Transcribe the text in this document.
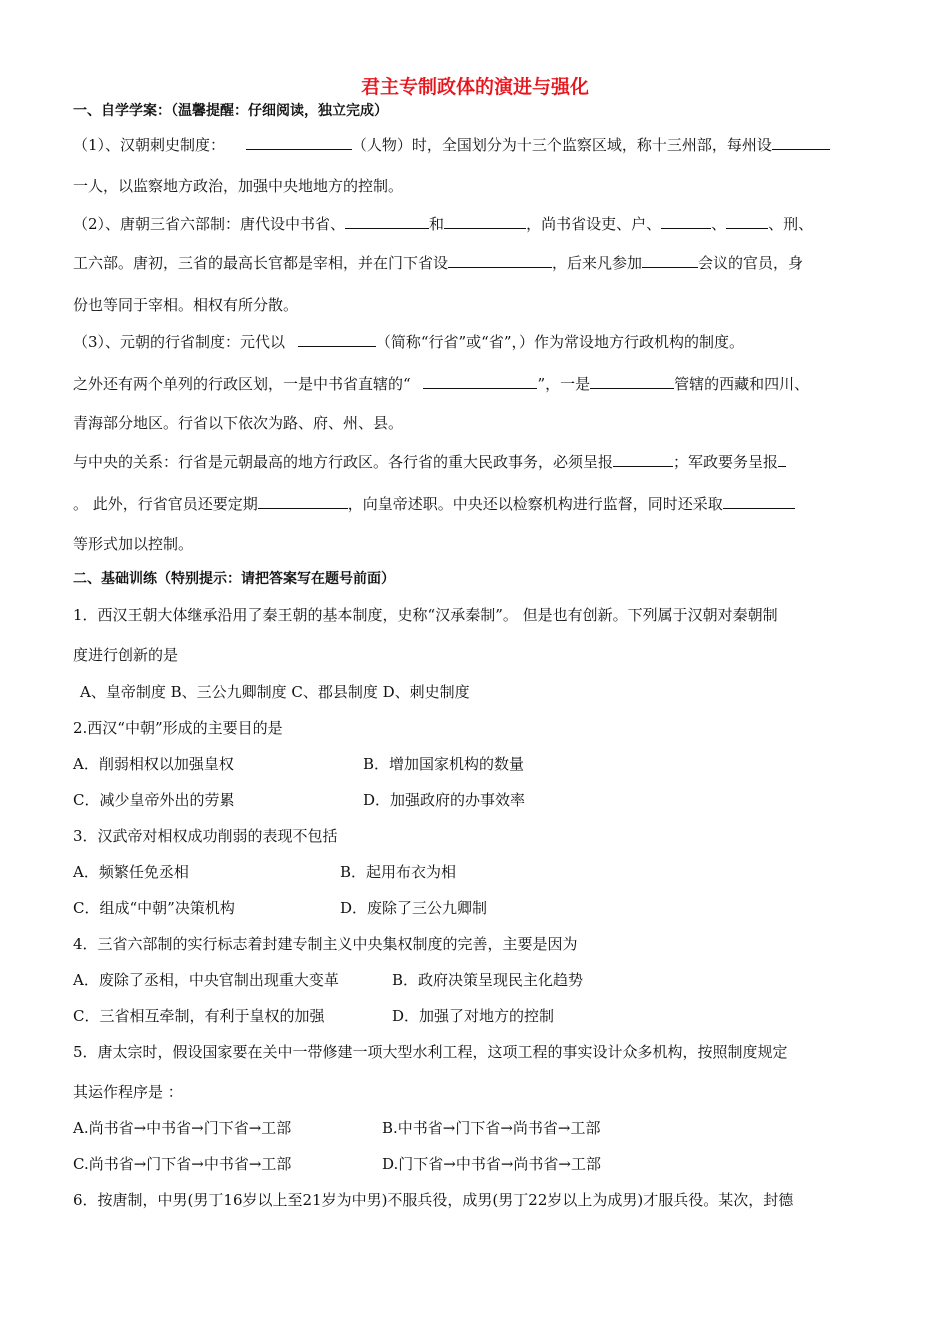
君主专制政体的演进与强化
一、自学学案：（温馨提醒：仔细阅读，独立完成）
（1）、汉朝刺史制度：	（人物）时，全国划分为十三个监察区域，称十三州部，每州设
一人，以监察地方政治，加强中央地地方的控制。
（2）、唐朝三省六部制：唐代设中书省、	和	，尚书省设吏、户、	、	、刑、
工六部。唐初，三省的最高长官都是宰相，并在门下省设	，后来凡参加	会议的官员，身
份也等同于宰相。相权有所分散。
（3）、元朝的行省制度：元代以	（简称“行省”或“省”，）作为常设地方行政机构的制度。
之外还有两个单列的行政区划，一是中书省直辖的“	”，一是	管辖的西藏和四川、
青海部分地区。行省以下依次为路、府、州、县。
与中央的关系：行省是元朝最高的地方行政区。各行省的重大民政事务，必须呈报	；军政要务呈报
。 此外，行省官员还要定期	，向皇帝述职。中央还以检察机构进行监督，同时还采取
等形式加以控制。
二、基础训练（特别提示：请把答案写在题号前面）
1．西汉王朝大体继承沿用了秦王朝的基本制度，史称“汉承秦制”。 但是也有创新。下列属于汉朝对秦朝制
度进行创新的是
A、皇帝制度 B、三公九卿制度 C、郡县制度 D、刺史制度
2.西汉“中朝”形成的主要目的是
A．削弱相权以加强皇权	B．增加国家机构的数量
C．减少皇帝外出的劳累	D．加强政府的办事效率
3．汉武帝对相权成功削弱的表现不包括
A．频繁任免丞相	B．起用布衣为相
C．组成“中朝”决策机构	D．废除了三公九卿制
4．三省六部制的实行标志着封建专制主义中央集权制度的完善，主要是因为
A．废除了丞相，中央官制出现重大变革	B．政府决策呈现民主化趋势
C．三省相互牵制，有利于皇权的加强	D．加强了对地方的控制
5．唐太宗时，假设国家要在关中一带修建一项大型水利工程，这项工程的事实设计众多机构，按照制度规定
其运作程序是 ：
A.尚书省→中书省→门下省→工部	B.中书省→门下省→尚书省→工部
C.尚书省→门下省→中书省→工部	D.门下省→中书省→尚书省→工部
6．按唐制，中男(男丁16岁以上至21岁为中男)不服兵役，成男(男丁22岁以上为成男)才服兵役。某次，封德
